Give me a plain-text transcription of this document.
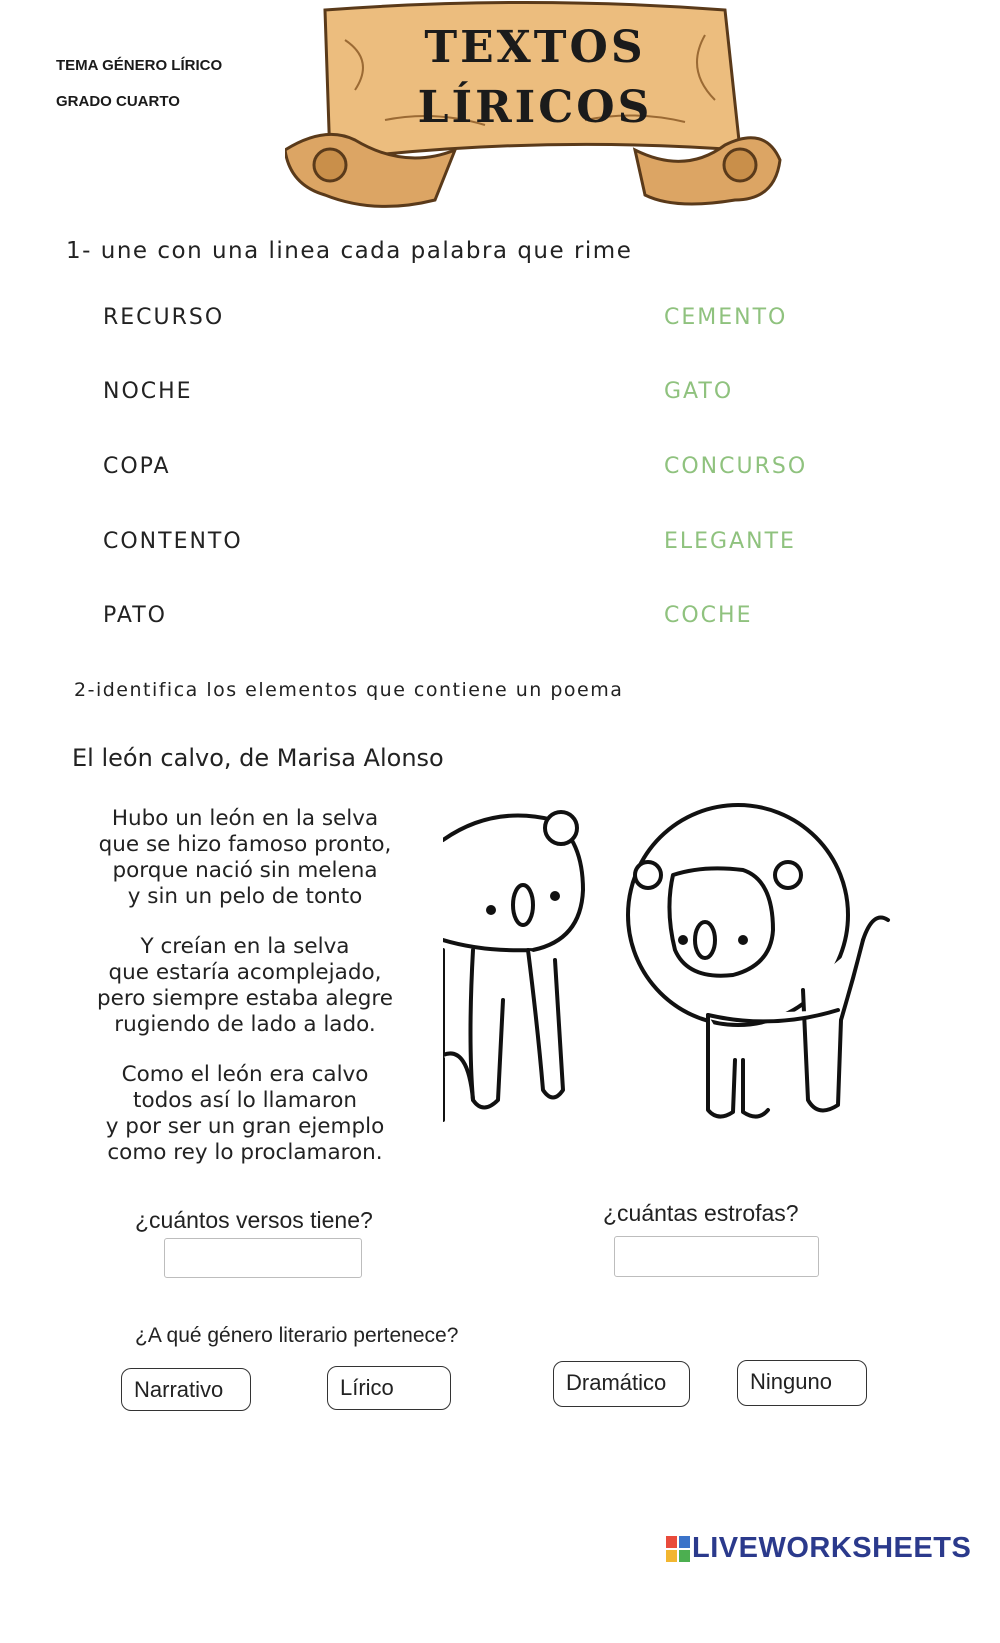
TEMA GÉNERO LÍRICO
GRADO CUARTO
TEXTOS
LÍRICOS
1- une con una linea cada palabra que rime
RECURSO
NOCHE
COPA
CONTENTO
PATO
CEMENTO
GATO
CONCURSO
ELEGANTE
COCHE
2-identifica los elementos que contiene un poema
El león calvo, de Marisa Alonso
Hubo un león en la selva
que se hizo famoso pronto,
porque nació sin melena
y sin un pelo de tonto
Y creían en la selva
que estaría acomplejado,
pero siempre estaba alegre
rugiendo de lado a lado.
Como el león era calvo
todos así lo llamaron
y por ser un gran ejemplo
como rey lo proclamaron.
¿cuántos versos tiene?	¿cuántas estrofas?
¿A qué género literario pertenece?
Narrativo	Lírico	Dramático	Ninguno
LIVEWORKSHEETS
